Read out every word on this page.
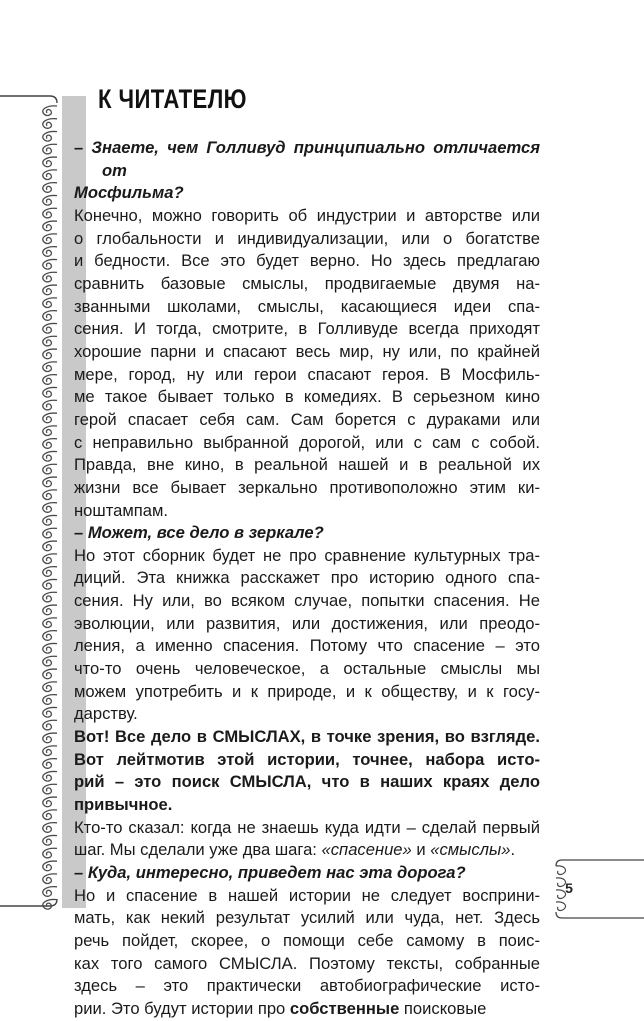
К ЧИТАТЕЛЮ

– Знаете, чем Голливуд принципиально отличается от
Мосфильма?

Конечно, можно говорить об индустрии и авторстве или
о глобальности и индивидуализации, или о богатстве
и бедности. Все это будет верно. Но здесь предлагаю
сравнить базовые смыслы, продвигаемые двумя на-
званными школами, смыслы, касающиеся идеи спа-
сения. И тогда, смотрите, в Голливуде всегда приходят
хорошие парни и спасают весь мир, ну или, по крайней
мере, город, ну или герои спасают героя. В Мосфиль-
ме такое бывает только в комедиях. В серьезном кино
герой спасает себя сам. Сам борется с дураками или
с неправильно выбранной дорогой, или с сам с собой.
Правда, вне кино, в реальной нашей и в реальной их
жизни все бывает зеркально противоположно этим ки-
ноштампам.

– Может, все дело в зеркале?

Но этот сборник будет не про сравнение культурных тра-
диций. Эта книжка расскажет про историю одного спа-
сения. Ну или, во всяком случае, попытки спасения. Не
эволюции, или развития, или достижения, или преодо-
ления, а именно спасения. Потому что спасение – это
что-то очень человеческое, а остальные смыслы мы
можем употребить и к природе, и к обществу, и к госу-
дарству.

Вот! Все дело в СМЫСЛАХ, в точке зрения, во взгляде.
Вот лейтмотив этой истории, точнее, набора исто-
рий – это поиск СМЫСЛА, что в наших краях дело
привычное.

Кто-то сказал: когда не знаешь куда идти – сделай первый
шаг. Мы сделали уже два шага: «спасение» и «смыслы».

– Куда, интересно, приведет нас эта дорога?

Но и спасение в нашей истории не следует восприни-
мать, как некий результат усилий или чуда, нет. Здесь
речь пойдет, скорее, о помощи себе самому в поис-
ках того самого СМЫСЛА. Поэтому тексты, собранные
здесь – это практически автобиографические истo-
рии. Это будут истории про собственные поисковые

5
